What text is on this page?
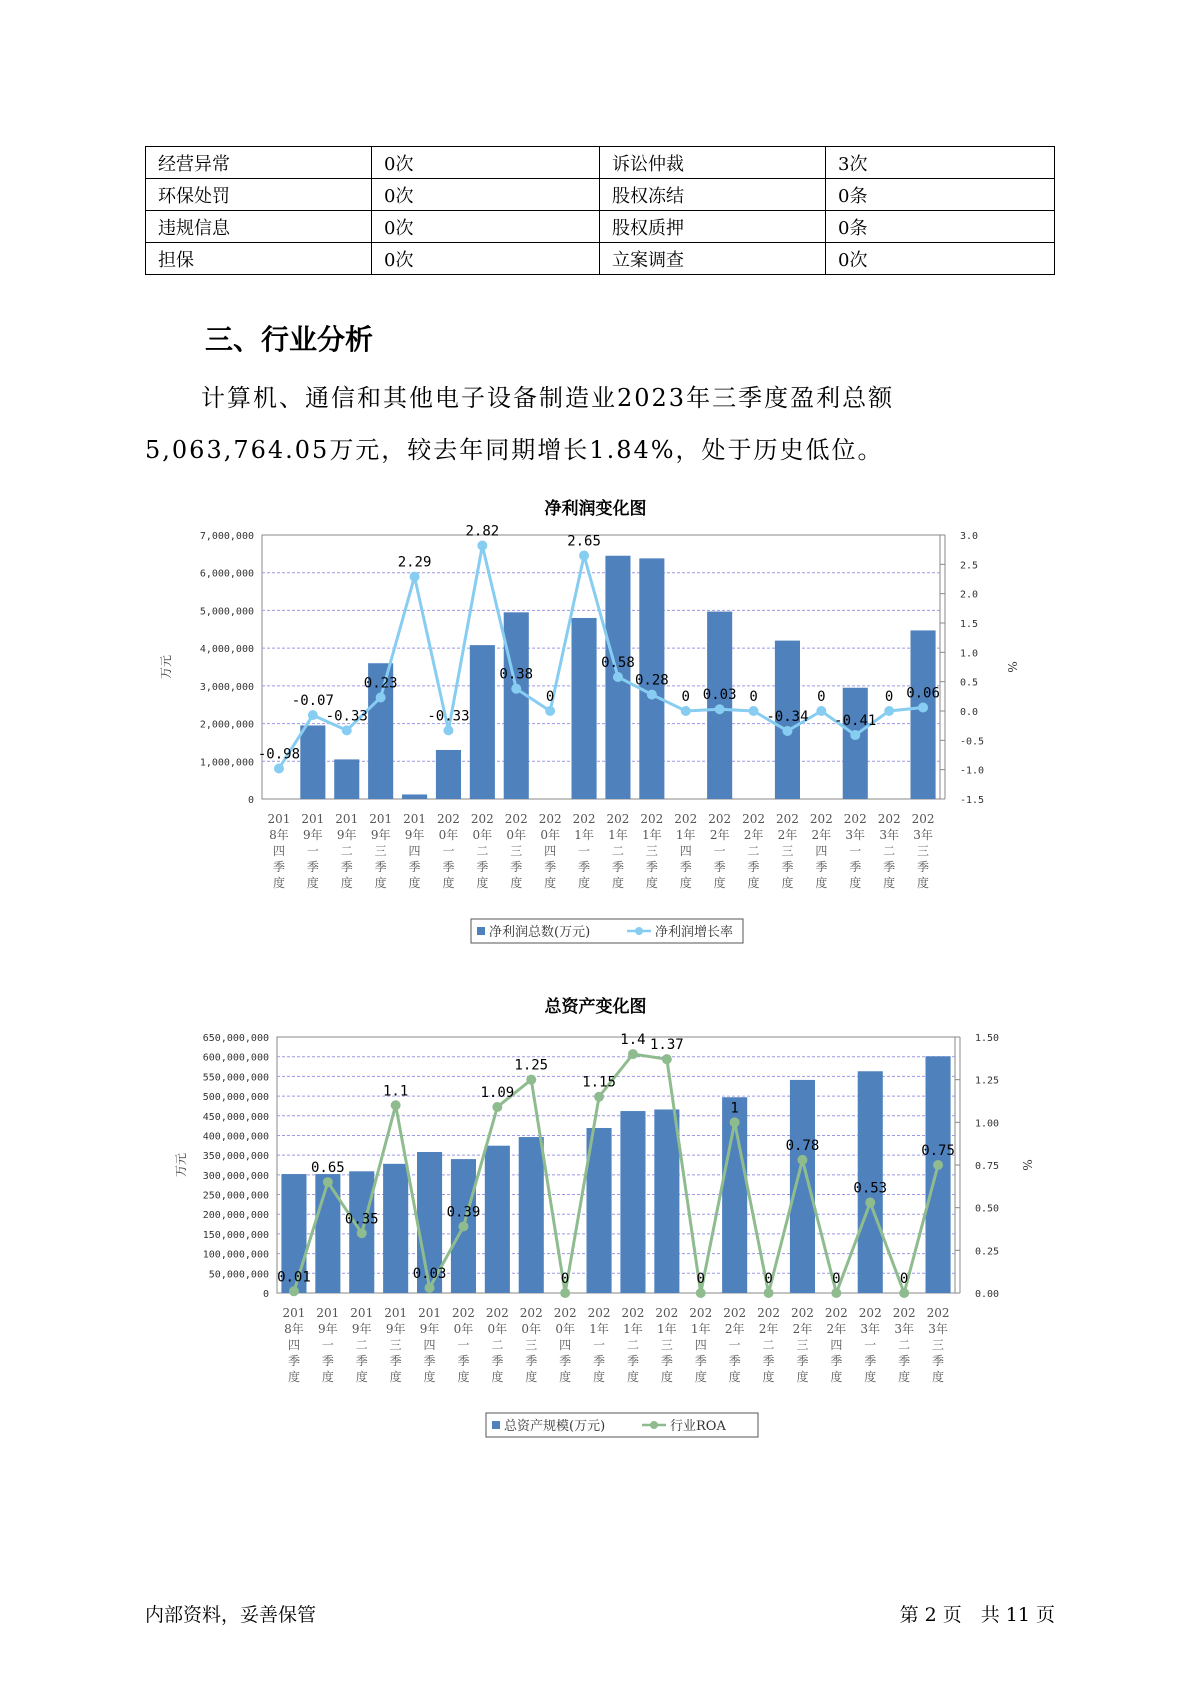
经营异常	0次	诉讼仲裁	3次
环保处罚	0次	股权冻结	0条
违规信息	0次	股权质押	0条
担保	0次	立案调查	0次
三、行业分析

计算机、通信和其他电子设备制造业2023年三季度盈利总额5,063,764.05万元，较去年同期增长1.84%，处于历史低位。

净利润变化图
0
1,000,000
2,000,000
3,000,000
4,000,000
5,000,000
6,000,000
7,000,000
-1.5
-1.0
-0.5
0.0
0.5
1.0
1.5
2.0
2.5
3.0
万元	%
-0.98
-0.07
-0.33
0.23
2.29
-0.33
2.82
0.38
0
2.65
0.58
0.28
0 0.03 0
-0.34
0
-0.41
0 0.06
201 8年四季度
201 9年一季度
201 9年二季度
201 9年三季度
201 9年四季度
202 0年一季度
202 0年二季度
202 0年三季度
202 0年四季度
202 1年一季度
202 1年二季度
202 1年三季度
202 1年四季度
202 2年一季度
202 2年二季度
202 2年三季度
202 2年四季度
202 3年一季度
202 3年二季度
202 3年三季度
净利润总数(万元)	净利润增长率
总资产变化图
0
50,000,000
100,000,000
150,000,000
200,000,000
250,000,000
300,000,000
350,000,000
400,000,000
450,000,000
500,000,000
550,000,000
600,000,000
650,000,000
0.00
0.25
0.50
0.75
1.00
1.25
1.50
万元	%
0.01
0.65
0.35
1.1
0.03
0.39
1.09
1.25
0
1.15
1.4 1.37
0
1
0
0.78
0
0.53
0
0.75
201 8年四季度
201 9年一季度
201 9年二季度
201 9年三季度
201 9年四季度
202 0年一季度
202 0年二季度
202 0年三季度
202 0年四季度
202 1年一季度
202 1年二季度
202 1年三季度
202 1年四季度
202 2年一季度
202 2年二季度
202 2年三季度
202 2年四季度
202 3年一季度
202 3年二季度
202 3年三季度
总资产规模(万元)	行业ROA
内部资料，妥善保管	第 2 页　共 11 页
